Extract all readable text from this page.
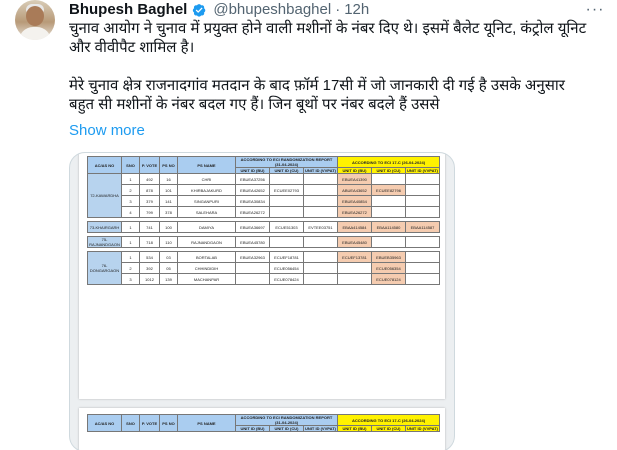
Bhupesh Baghel @bhupeshbaghel · 12h	···

चुनाव आयोग ने चुनाव में प्रयुक्त होने वाली मशीनों के नंबर दिए थे। इसमें बैलेट यूनिट, कंट्रोल यूनिट और वीवीपैट शामिल है।

मेरे चुनाव क्षेत्र राजनादगांव मतदान के बाद फ़ॉर्म 17सी में जो जानकारी दी गई है उसके अनुसार बहुत सी मशीनों के नंबर बदल गए हैं। जिन बूथों पर नंबर बदले हैं उससे

Show more
AC/AS NO	SNO	P. VOTE	PS NO	PS NAME	ACCORDING TO ECI RANDOMIZATION REPORT (31-04-2024)			ACCORDING TO ECI 17-C (26-04-2024)		
					UNIT ID (BU)	UNIT ID (CU)	UNIT ID (VVPAT)	UNIT ID (BU)	UNIT ID (CU)	UNIT ID (VVPAT)
72-KAWARDHA	1	492	16	CHRI	EBUEA37256			EBUEA41390		
	2	878	101	KHIRBAJAKURD	EBUEA42652	ECUEE02793		ABUEA43652	ECUEE82796	
	3	379	141	SINGANPURI	EBUEA30834			EBUEA40854		
	4	799	378	SALEHARA	EBUEA26272			EBUEA26272		

73-KHAIRGARH	1	741	100	DAMIYA	EBUEA36697	ECUE51303	EVTEE03751	EBAA414584	EBAA114580	EBAA114587

75-RAJNANDGAON	1	718	110	RAJNANDGAON	EBUEA45780			EBUEA45480		

76-DONGARGAON	1	534	03	BORTALAB	EBUEA32963	ECUEF18781		ECUEF13781	EBUEB35963	
	2	392	05	CHHINDIDIH		ECUE056454			ECUE056354	
	3	1012	139	MACHANPAR		ECUE078424			ECUE078124	
AC/AS NO	SNO	P. VOTE	PS NO	PS NAME	ACCORDING TO ECI RANDOMIZATION REPORT (31-04-2024)			ACCORDING TO ECI 17-C (26-04-2024)		
					UNIT ID (BU)	UNIT ID (CU)	UNIT ID (VVPAT)	UNIT ID (BU)	UNIT ID (CU)	UNIT ID (VVPAT)
